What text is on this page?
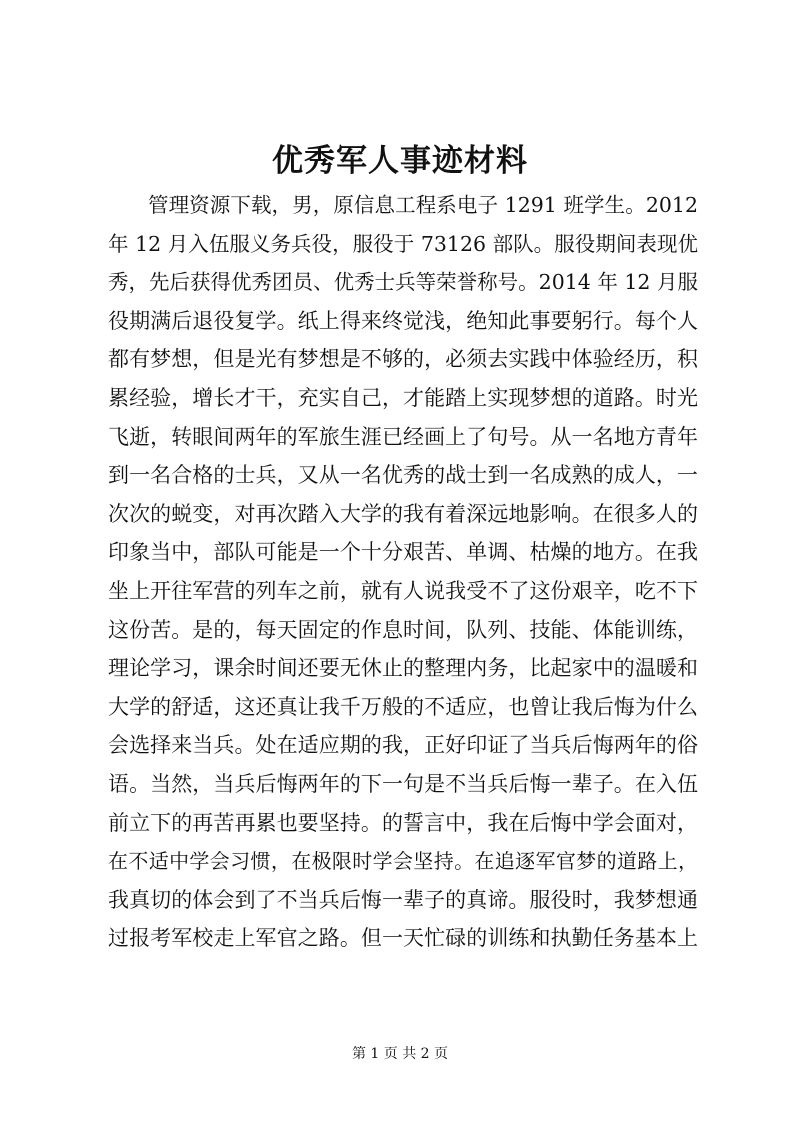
优秀军人事迹材料
管理资源下载，男，原信息工程系电子 1291 班学生。2012
年 12 月入伍服义务兵役，服役于 73126 部队。服役期间表现优
秀，先后获得优秀团员、优秀士兵等荣誉称号。2014 年 12 月服
役期满后退役复学。纸上得来终觉浅，绝知此事要躬行。每个人
都有梦想，但是光有梦想是不够的，必须去实践中体验经历，积
累经验，增长才干，充实自己，才能踏上实现梦想的道路。时光
飞逝，转眼间两年的军旅生涯已经画上了句号。从一名地方青年
到一名合格的士兵，又从一名优秀的战士到一名成熟的成人，一
次次的蜕变，对再次踏入大学的我有着深远地影响。在很多人的
印象当中，部队可能是一个十分艰苦、单调、枯燥的地方。在我
坐上开往军营的列车之前，就有人说我受不了这份艰辛，吃不下
这份苦。是的，每天固定的作息时间，队列、技能、体能训练，
理论学习，课余时间还要无休止的整理内务，比起家中的温暖和
大学的舒适，这还真让我千万般的不适应，也曾让我后悔为什么
会选择来当兵。处在适应期的我，正好印证了当兵后悔两年的俗
语。当然，当兵后悔两年的下一句是不当兵后悔一辈子。在入伍
前立下的再苦再累也要坚持。的誓言中，我在后悔中学会面对，
在不适中学会习惯，在极限时学会坚持。在追逐军官梦的道路上，
我真切的体会到了不当兵后悔一辈子的真谛。服役时，我梦想通
过报考军校走上军官之路。但一天忙碌的训练和执勤任务基本上
第 1 页 共 2 页
